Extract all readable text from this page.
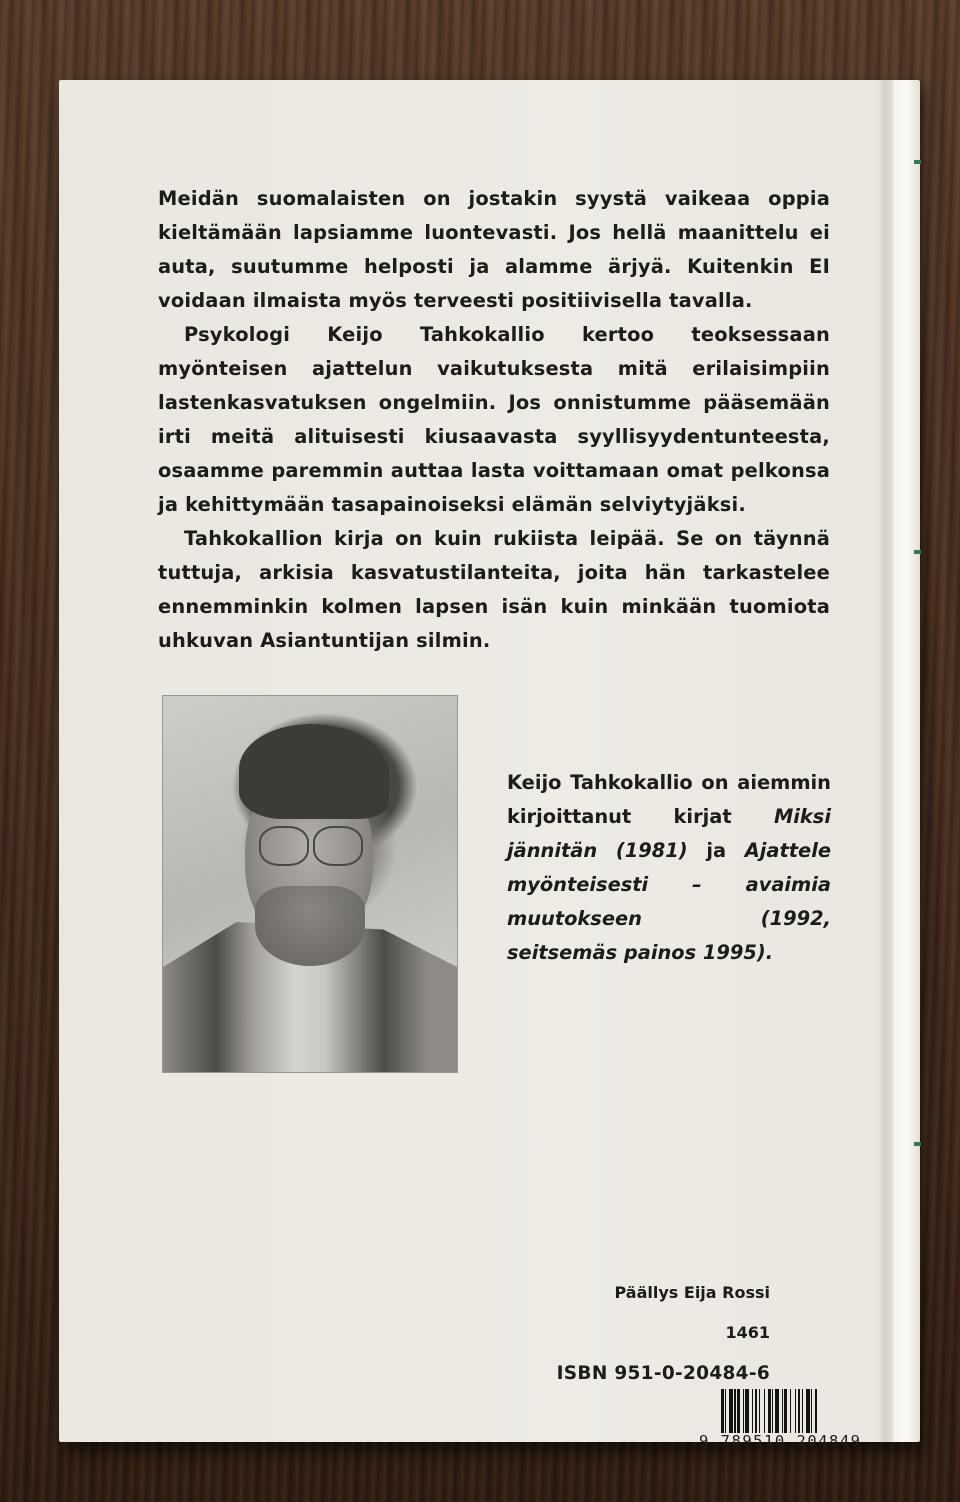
Meidän suomalaisten on jostakin syystä vaikeaa oppia kieltämään lapsiamme luontevasti. Jos hellä maanittelu ei auta, suutumme helposti ja alamme ärjyä. Kuitenkin EI voidaan ilmaista myös terveesti positiivisella tavalla.

Psykologi Keijo Tahkokallio kertoo teoksessaan myönteisen ajattelun vaikutuksesta mitä erilaisimpiin lastenkasvatuksen ongelmiin. Jos onnistumme pääsemään irti meitä alituisesti kiusaavasta syyllisyydentunteesta, osaamme paremmin auttaa lasta voittamaan omat pelkonsa ja kehittymään tasapainoiseksi elämän selviytyjäksi.

Tahkokallion kirja on kuin rukiista leipää. Se on täynnä tuttuja, arkisia kasvatustilanteita, joita hän tarkastelee ennemminkin kolmen lapsen isän kuin minkään tuomiota uhkuvan Asiantuntijan silmin.

Keijo Tahkokallio on aiemmin kirjoittanut kirjat Miksi jännitän (1981) ja Ajattele myönteisesti – avaimia muutokseen (1992, seitsemäs painos 1995).
Päällys Eija Rossi
1461
ISBN 951-0-20484-6
9 789510 204849
